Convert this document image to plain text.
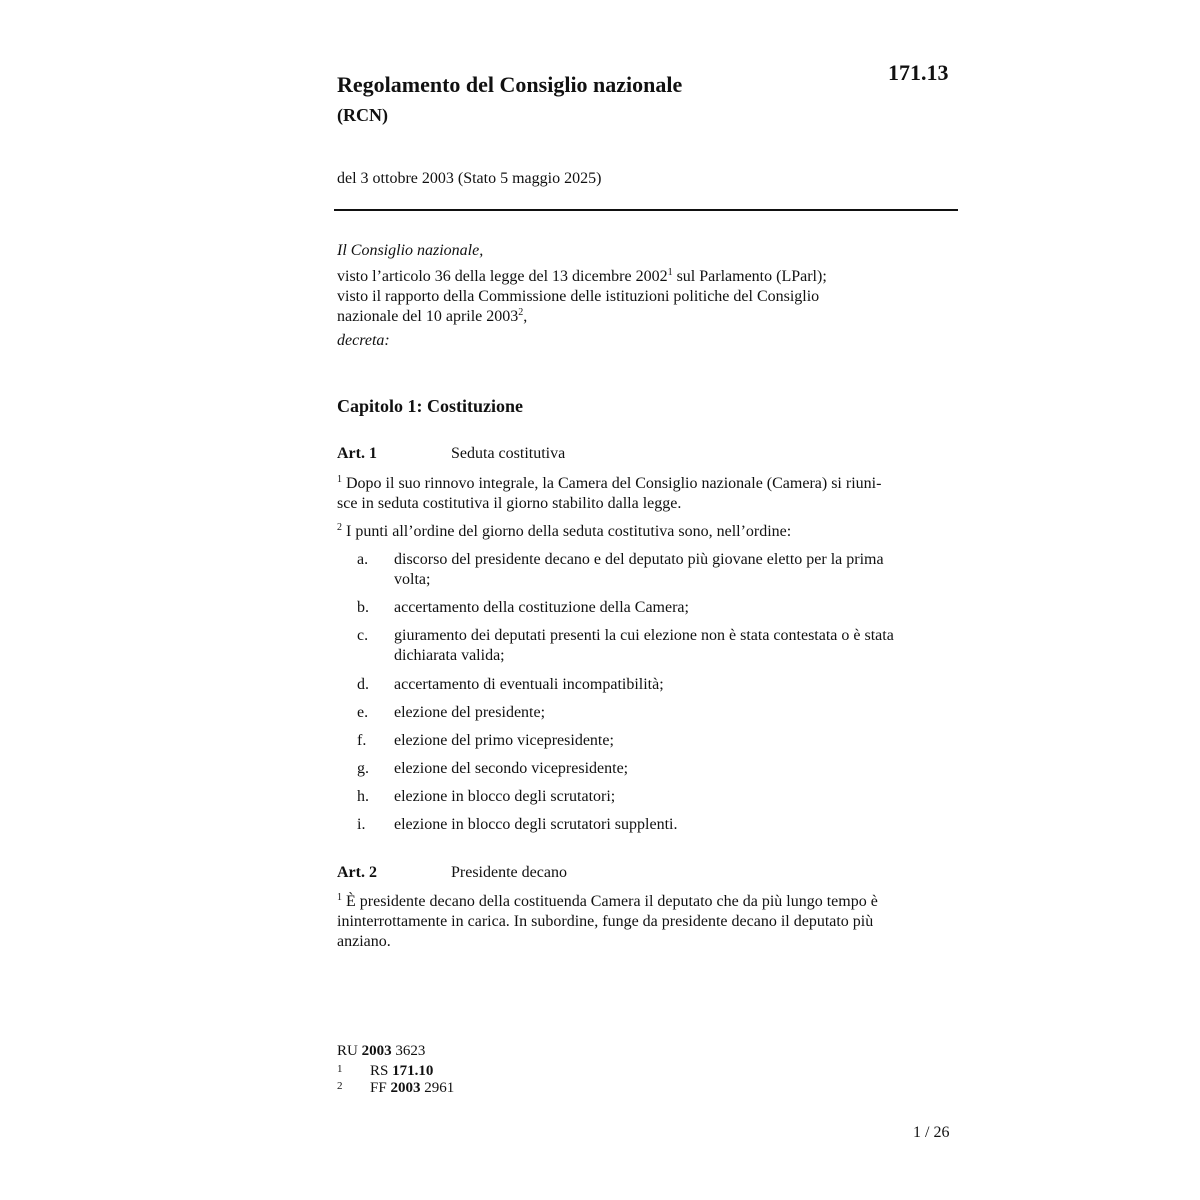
171.13
Regolamento del Consiglio nazionale
(RCN)
del 3 ottobre 2003 (Stato 5 maggio 2025)

Il Consiglio nazionale,

visto l’articolo 36 della legge del 13 dicembre 2002$^1$ sul Parlamento (LParl);

visto il rapporto della Commissione delle istituzioni politiche del Consiglio

nazionale del 10 aprile 2003$^2$,

decreta:

Capitolo 1: Costituzione
Art. 1	Seduta costitutiva
$^1$ Dopo il suo rinnovo integrale, la Camera del Consiglio nazionale (Camera) si riuni-
sce in seduta costitutiva il giorno stabilito dalla legge.
$^2$ I punti all’ordine del giorno della seduta costitutiva sono, nell’ordine:
a. discorso del presidente decano e del deputato più giovane eletto per la prima
volta;
b. accertamento della costituzione della Camera;
c. giuramento dei deputati presenti la cui elezione non è stata contestata o è stata
dichiarata valida;
d. accertamento di eventuali incompatibilità;
e. elezione del presidente;
f. elezione del primo vicepresidente;
g. elezione del secondo vicepresidente;
h. elezione in blocco degli scrutatori;
i. elezione in blocco degli scrutatori supplenti.
Art. 2	Presidente decano
$^1$ È presidente decano della costituenda Camera il deputato che da più lungo tempo è
ininterrottamente in carica. In subordine, funge da presidente decano il deputato più
anziano.
RU 2003 3623
1 RS 171.10
2 FF 2003 2961
1 / 26
